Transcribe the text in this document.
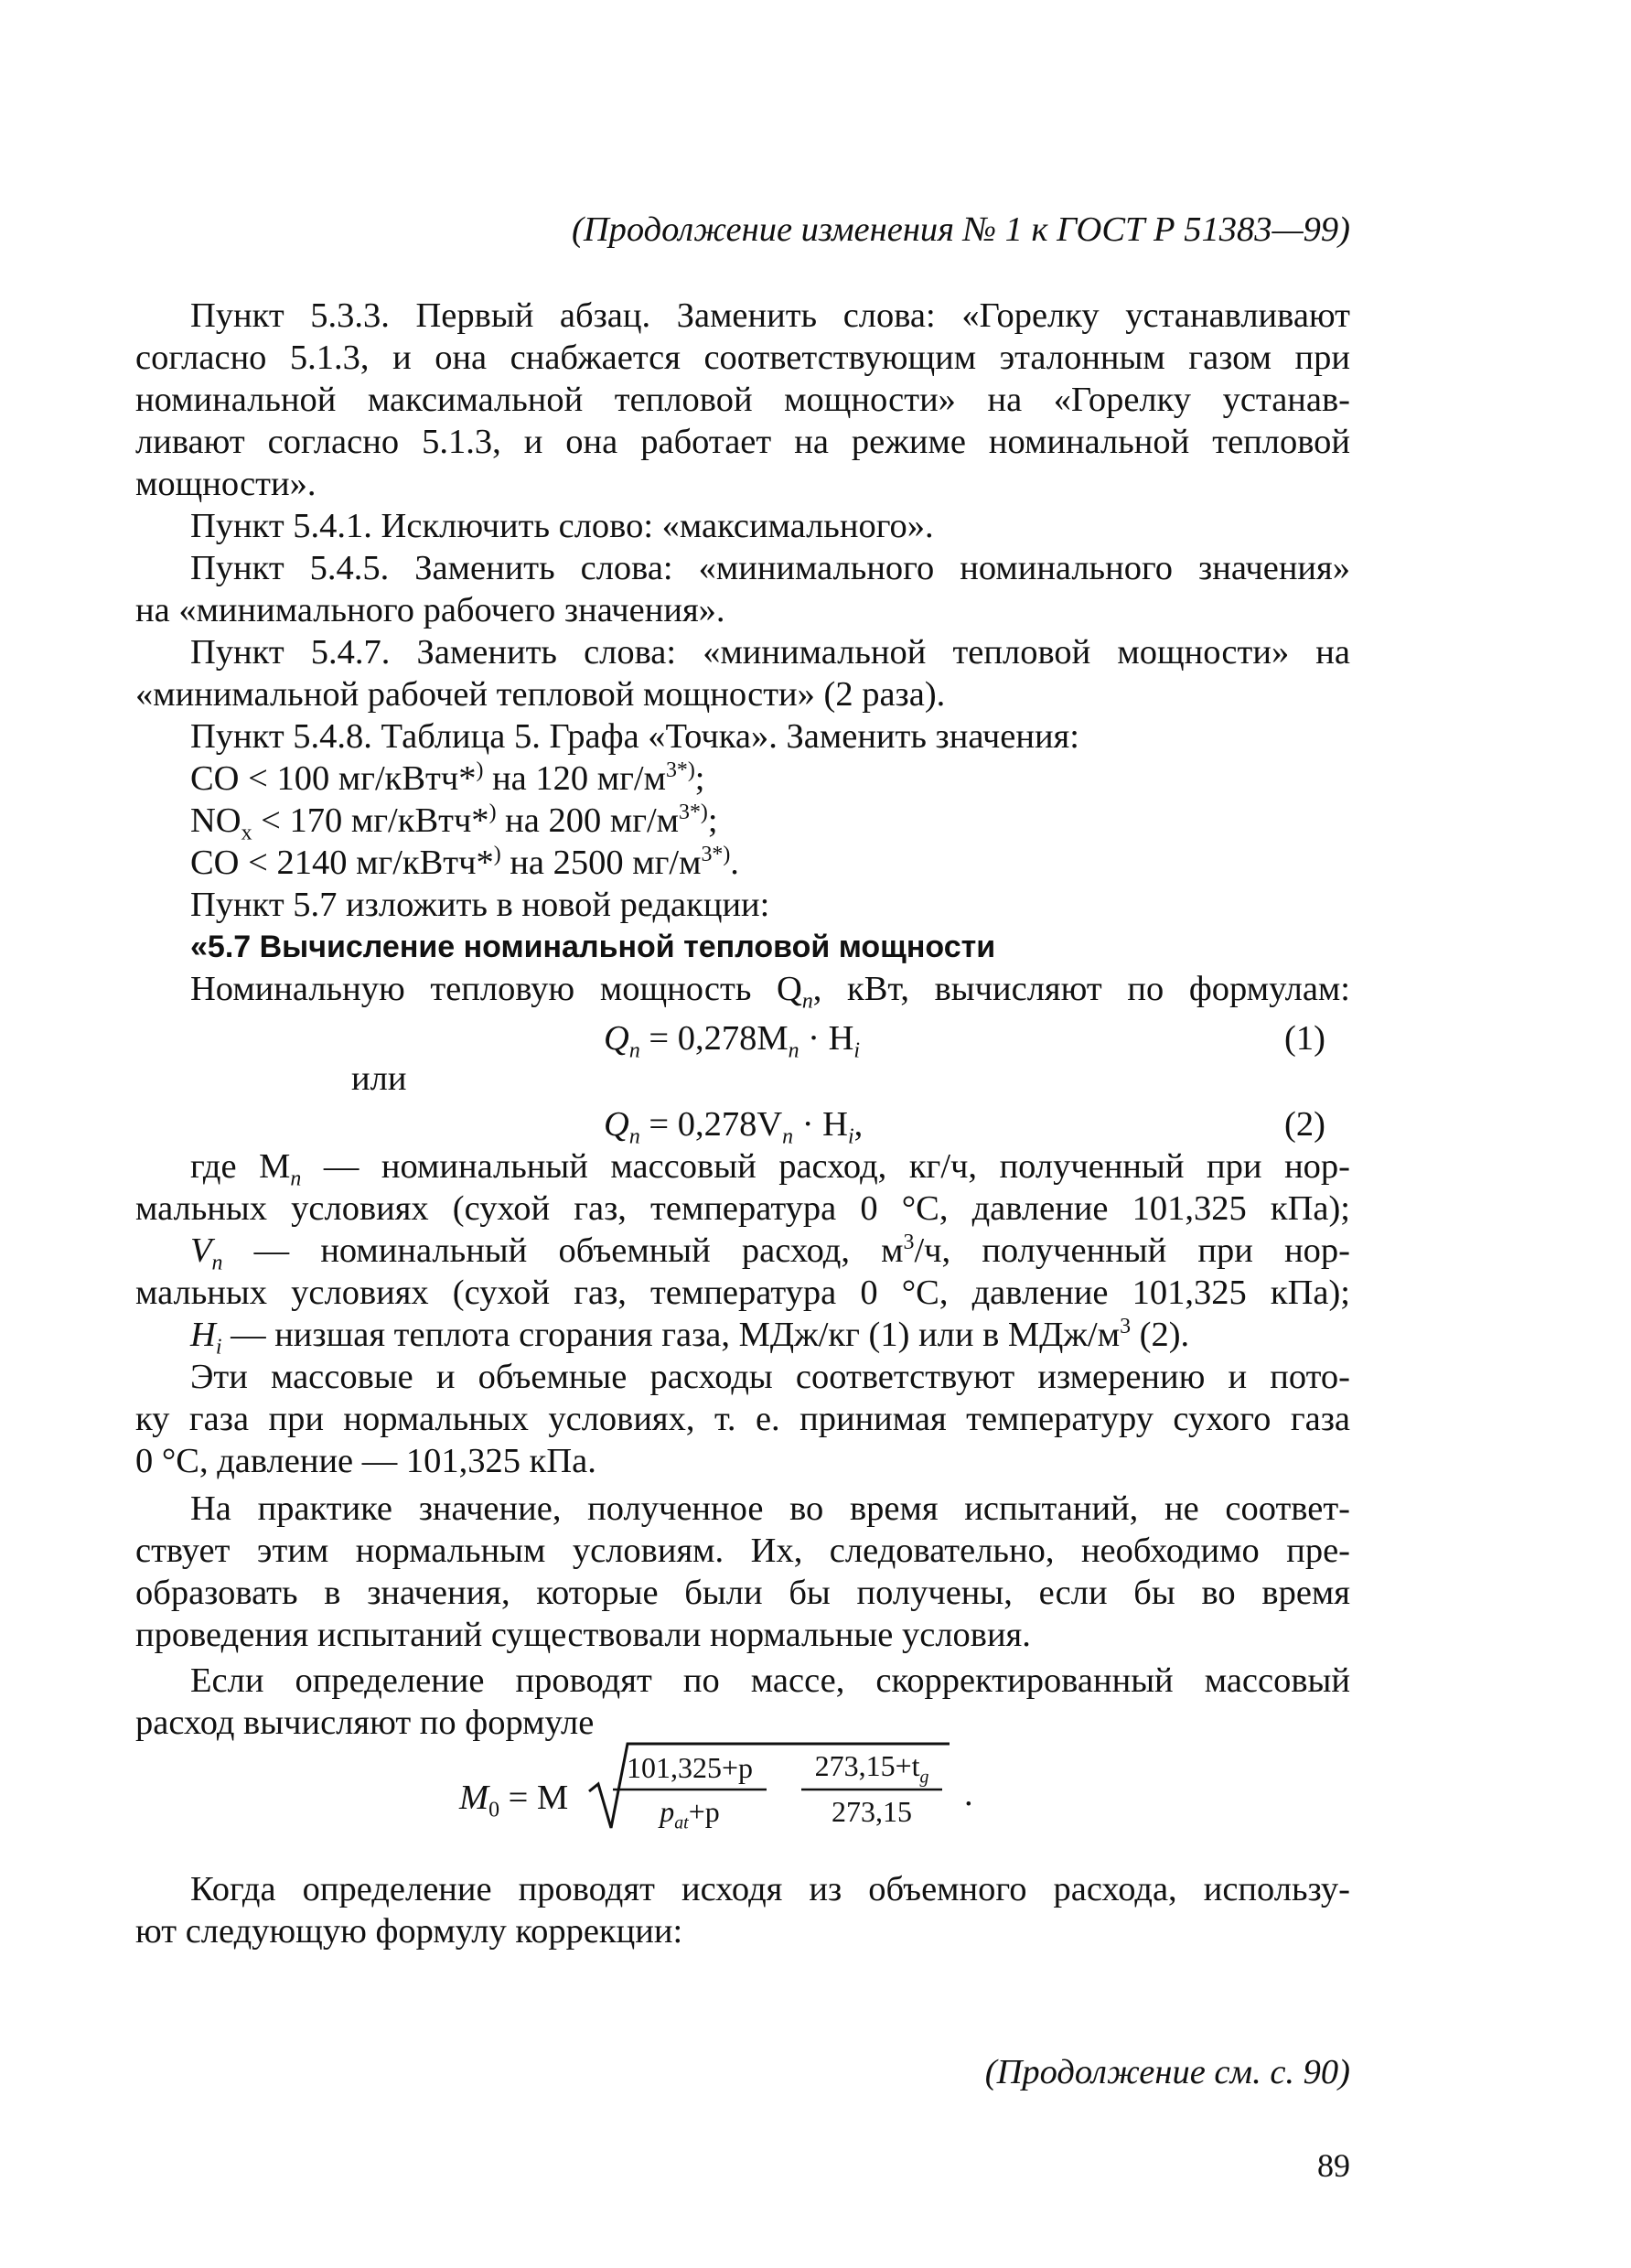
(Продолжение изменения № 1 к ГОСТ Р 51383—99)
Пункт 5.3.3. Первый абзац. Заменить слова: «Горелку устанавливают
согласно 5.1.3, и она снабжается соответствующим эталонным газом при
номинальной максимальной тепловой мощности» на «Горелку устанав-
ливают согласно 5.1.3, и она работает на режиме номинальной тепловой
мощности».
Пункт 5.4.1. Исключить слово: «максимального».
Пункт 5.4.5. Заменить слова: «минимального номинального значения»
на «минимального рабочего значения».
Пункт 5.4.7. Заменить слова: «минимальной тепловой мощности» на
«минимальной рабочей тепловой мощности» (2 раза).
Пункт 5.4.8. Таблица 5. Графа «Точка». Заменить значения:
CO < 100 мг/кВтч*) на 120 $мг/м^{3*)}$;
$NO_x < 170$ мг/кВтч*) на 200 $мг/м^{3*)}$;
CO < 2140 мг/кВтч*) на 2500 $мг/м^{3*)}$.
Пункт 5.7 изложить в новой редакции:
«5.7 Вычисление номинальной тепловой мощности
Номинальную тепловую мощность $Q_n$, кВт, вычисляют по формулам:
$Q_n = 0,278M_n \cdot H_i$	(1)
или
$Q_n = 0,278V_n \cdot H_i$,	(2)
где $M_n$ — номинальный массовый расход, кг/ч, полученный при нор-
мальных условиях (сухой газ, температура 0 °С, давление 101,325 кПа);
$V_n$ — номинальный объемный расход, $м^3/ч$, полученный при нор-
мальных условиях (сухой газ, температура 0 °С, давление 101,325 кПа);
$H_i$ — низшая теплота сгорания газа, МДж/кг (1) или в МДж/$м^3$ (2).
Эти массовые и объемные расходы соответствуют измерению и пото-
ку газа при нормальных условиях, т. е. принимая температуру сухого газа
0 °С, давление — 101,325 кПа.
На практике значение, полученное во время испытаний, не соответ-
ствует этим нормальным условиям. Их, следовательно, необходимо пре-
образовать в значения, которые были бы получены, если бы во время
проведения испытаний существовали нормальные условия.
Если определение проводят по массе, скорректированный массовый
расход вычисляют по формуле
$M_0 = M$
101,325+p
$p_{at}+p$
$273,15+t_g$
273,15	.
Когда определение проводят исходя из объемного расхода, использу-
ют следующую формулу коррекции:
(Продолжение см. с. 90)
89
